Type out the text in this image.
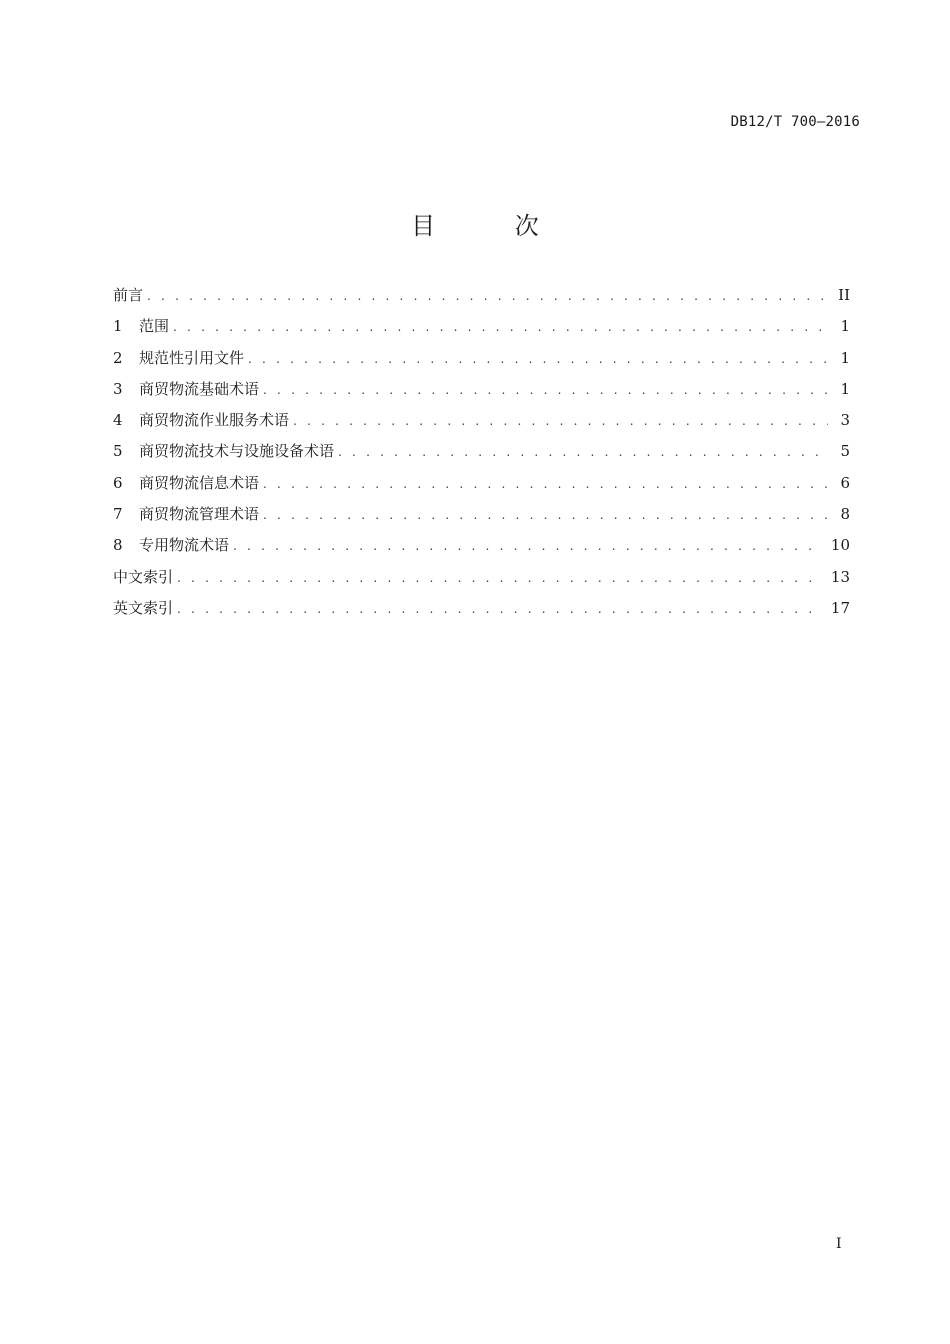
DB12/T 700—2016
目 次
前言 . . .	II
1	范围 . . .	1
2	规范性引用文件 . . .	1
3	商贸物流基础术语 . . .	1
4	商贸物流作业服务术语 . . .	3
5	商贸物流技术与设施设备术语 . . .	5
6	商贸物流信息术语 . . .	6
7	商贸物流管理术语 . . .	8
8	专用物流术语 . . .	10
中文索引 . . .	13
英文索引 . . .	17
I
